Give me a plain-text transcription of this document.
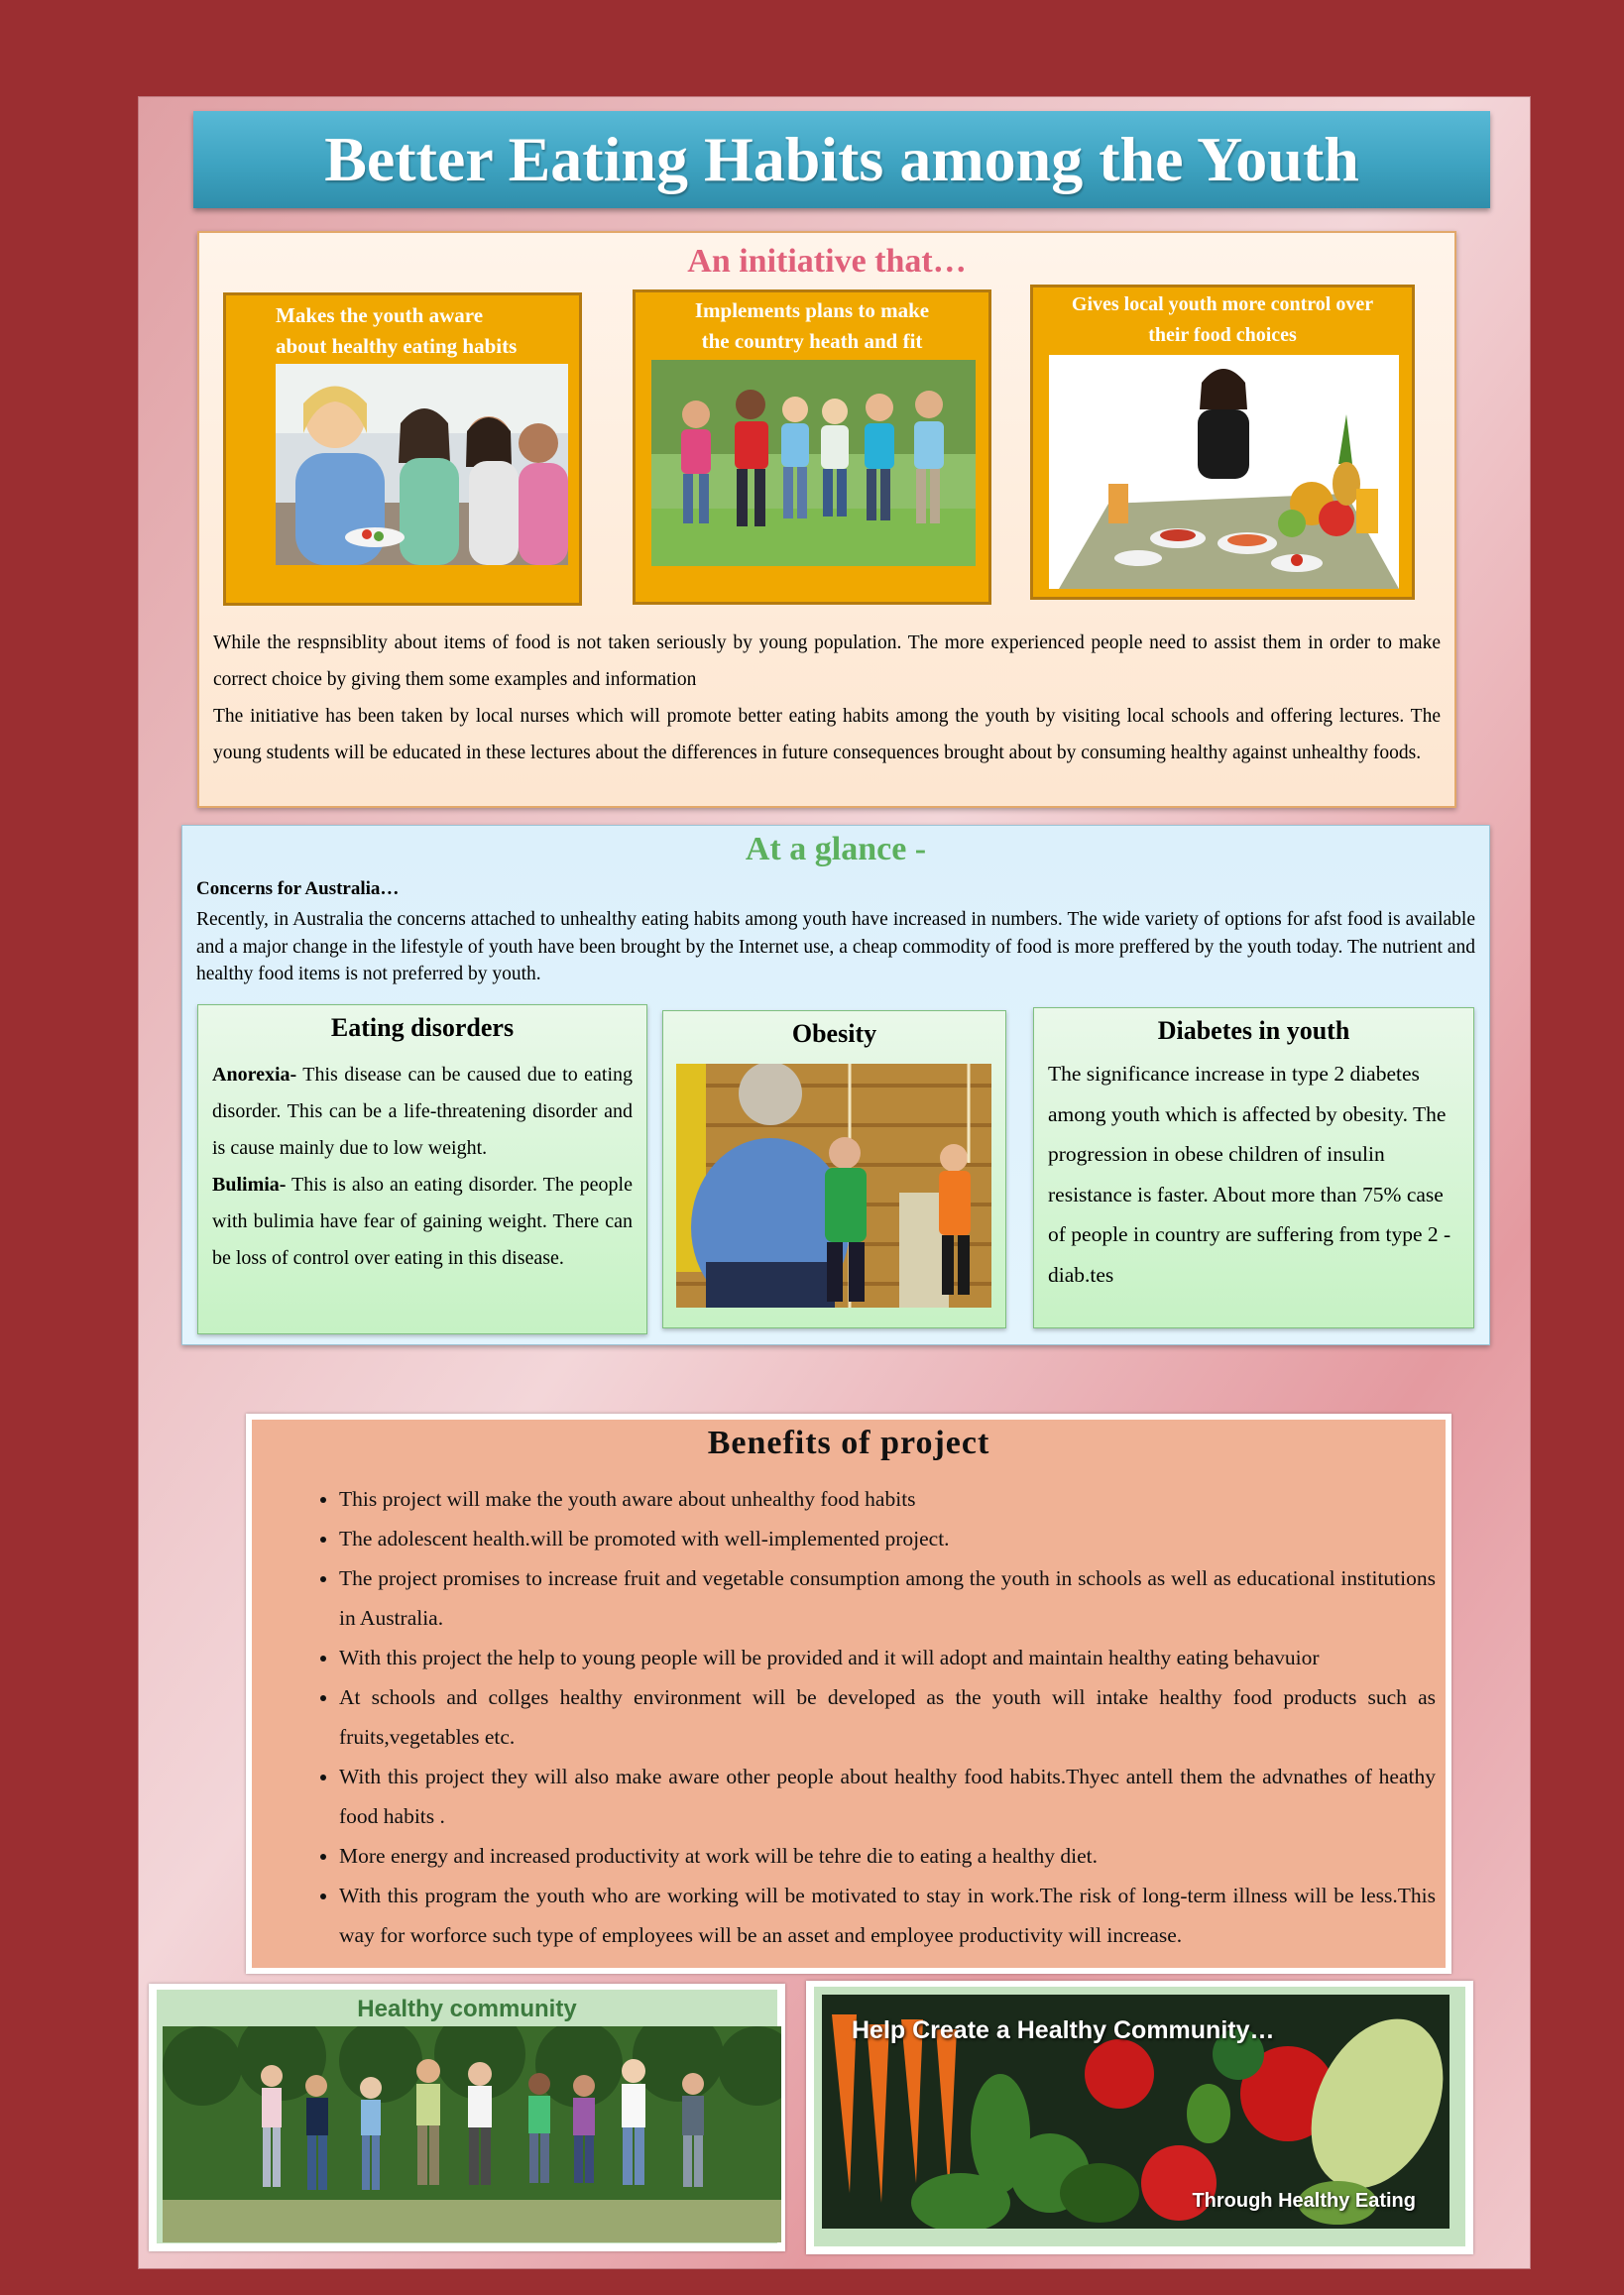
Better Eating Habits among the Youth
An initiative that…
Makes the youth aware
about healthy eating habits
Implements plans to make
the country heath and fit
Gives local youth more control over
their food choices

While the respnsiblity about items of food is not taken seriously by young population. The more experienced people need to assist them in order to make correct choice by giving them some examples and information

The initiative has been taken by local nurses which will promote better eating habits among the youth by visiting local schools and offering lectures. The young students will be educated in these lectures about the differences in future consequences brought about by consuming healthy against unhealthy foods.

At a glance -
Concerns for Australia…
Recently, in Australia the concerns attached to unhealthy eating habits among youth have increased in numbers. The wide variety of options for afst food is available and a major change in the lifestyle of youth have been brought by the Internet use, a cheap commodity of food is more preffered by the youth today. The nutrient and healthy food items is not preferred by youth.
Eating disorders

Anorexia- This disease can be caused due to eating disorder. This can be a life-threatening disorder and is cause mainly due to low weight.

Bulimia- This is also an eating disorder. The people with bulimia have fear of gaining weight. There can be loss of control over eating in this disease.

Obesity	Diabetes in youth
The significance increase in type 2 diabetes among youth which is affected by obesity. The progression in obese children of insulin resistance is faster. About more than 75% case of people in country are suffering from type 2 -diab.tes
Benefits of project
• This project will make the youth aware about unhealthy food habits
• The adolescent health.will be promoted with well-implemented project.
• The project promises to increase fruit and vegetable consumption among the youth in schools as well as educational institutions in Australia.
• With this project the help to young people will be provided and it will adopt and maintain healthy eating behavuior
• At schools and collges healthy environment will be developed as the youth will intake healthy food products such as fruits,vegetables etc.
• With this project they will also make aware other people about healthy food habits.Thyec antell them the advnathes of heathy food habits .
• More energy and increased productivity at work will be tehre die to eating a healthy diet.
• With this program the youth who are working will be motivated to stay in work.The risk of long-term illness will be less.This way for worforce such type of employees will be an asset and employee productivity will increase.
Healthy community
Help Create a Healthy Community…
Through Healthy Eating
